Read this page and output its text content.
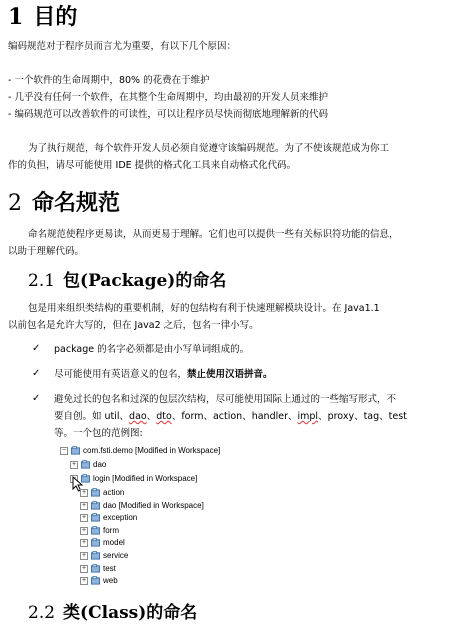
1 目的
编码规范对于程序员而言尤为重要，有以下几个原因：
- 一个软件的生命周期中，80% 的花费在于维护
- 几乎没有任何一个软件，在其整个生命周期中，均由最初的开发人员来维护
- 编码规范可以改善软件的可读性，可以让程序员尽快而彻底地理解新的代码
为了执行规范，每个软件开发人员必须自觉遵守该编码规范。为了不使该规范成为你工
作的负担，请尽可能使用 IDE 提供的格式化工具来自动格式化代码。
2 命名规范
命名规范使程序更易读，从而更易于理解。它们也可以提供一些有关标识符功能的信息，
以助于理解代码。
2.1 包(Package)的命名
包是用来组织类结构的重要机制，好的包结构有利于快速理解模块设计。在 Java1.1
以前包名是允许大写的，但在 Java2 之后，包名一律小写。
✓ package 的名字必须都是由小写单词组成的。
✓ 尽可能使用有英语意义的包名，禁止使用汉语拼音。
✓ 避免过长的包名和过深的包层次结构，尽可能使用国际上通过的一些缩写形式，不
要自创。如 util、dao、dto、form、action、handler、impl、proxy、tag、test
等。一个包的范例图:
− com.fsti.demo [Modified in Workspace]
+ dao
login [Modified in Workspace]
+ action
+ dao [Modified in Workspace]
+ exception
+ form
+ model
+ service
+ test
+ web
2.2 类(Class)的命名
